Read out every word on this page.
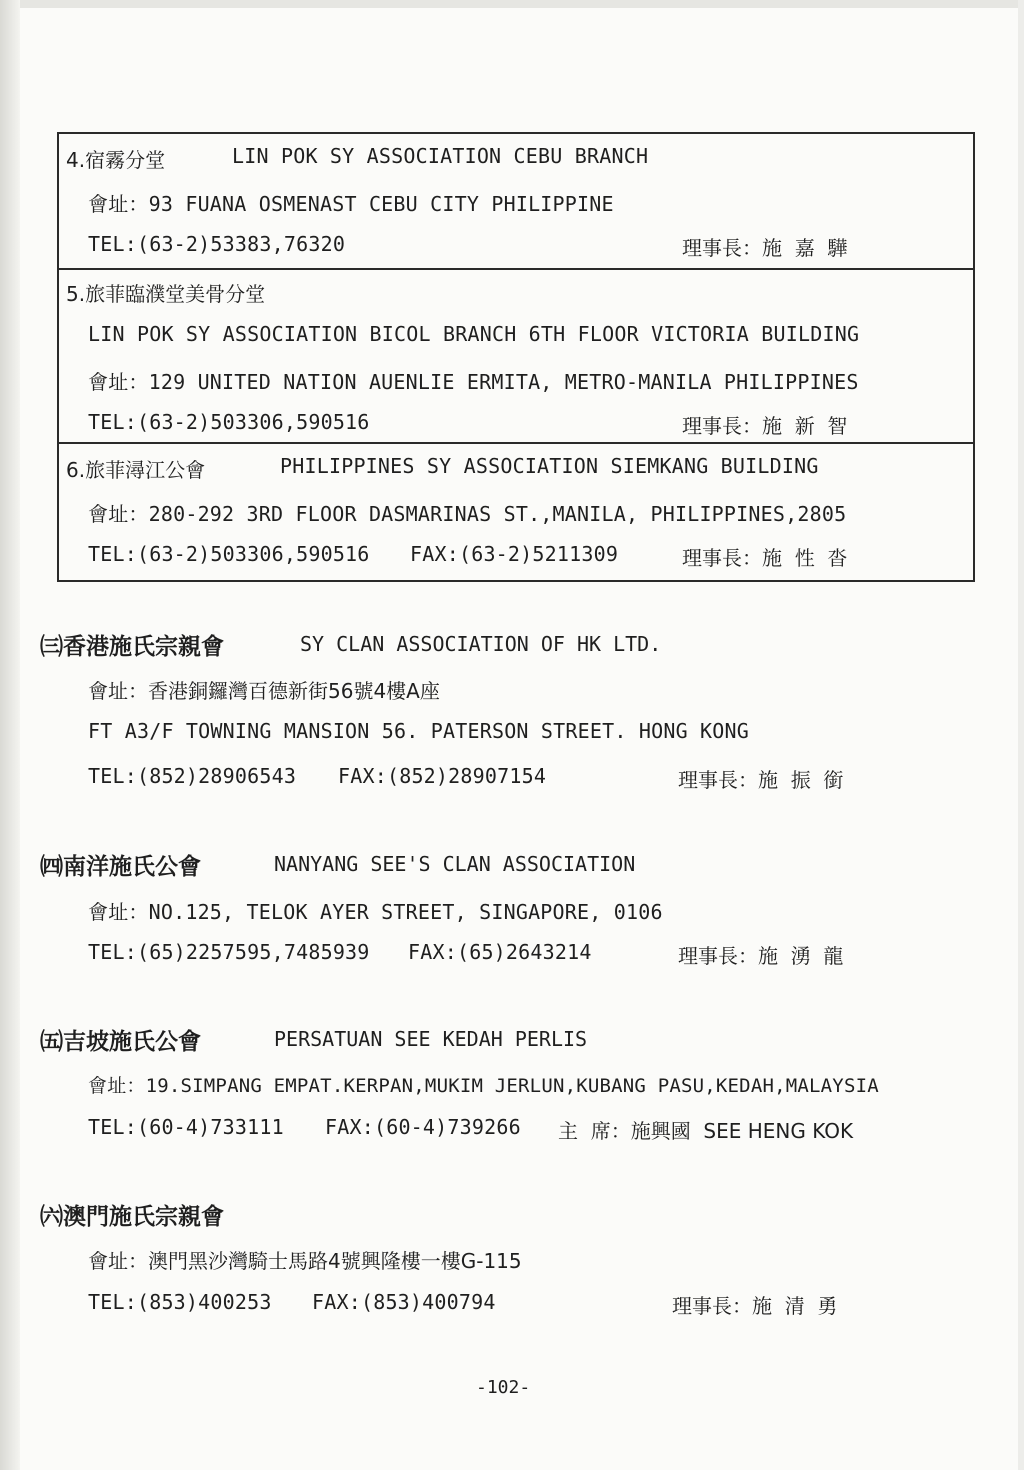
4.宿霧分堂	LIN POK SY ASSOCIATION CEBU BRANCH
會址：93 FUANA OSMENAST CEBU CITY PHILIPPINE
TEL:(63-2)53383,76320	理事長：施  嘉  驊
5.旅菲臨濮堂美骨分堂
LIN POK SY ASSOCIATION BICOL BRANCH 6TH FLOOR VICTORIA BUILDING
會址：129 UNITED NATION AUENLIE ERMITA, METRO-MANILA PHILIPPINES
TEL:(63-2)503306,590516	理事長：施  新  智
6.旅菲潯江公會	PHILIPPINES SY ASSOCIATION SIEMKANG BUILDING
會址：280-292 3RD FLOOR DASMARINAS ST.,MANILA, PHILIPPINES,2805
TEL:(63-2)503306,590516 FAX:(63-2)5211309	理事長：施  性  沓
㈢香港施氏宗親會	SY CLAN ASSOCIATION OF HK LTD.
會址：香港銅鑼灣百德新街56號4樓A座
FT A3/F TOWNING MANSION 56. PATERSON STREET. HONG KONG
TEL:(852)28906543 FAX:(852)28907154	理事長：施  振  銜
㈣南洋施氏公會	NANYANG SEE'S CLAN ASSOCIATION
會址：NO.125, TELOK AYER STREET, SINGAPORE, 0106
TEL:(65)2257595,7485939 FAX:(65)2643214	理事長：施  湧  龍
㈤吉坡施氏公會	PERSATUAN SEE KEDAH PERLIS
會址：19.SIMPANG EMPAT.KERPAN,MUKIM JERLUN,KUBANG PASU,KEDAH,MALAYSIA
TEL:(60-4)733111 FAX:(60-4)739266 主  席：施興國  SEE HENG KOK
㈥澳門施氏宗親會
會址：澳門黑沙灣騎士馬路4號興隆樓一樓G-115
TEL:(853)400253 FAX:(853)400794	理事長：施  清  勇
-102-
